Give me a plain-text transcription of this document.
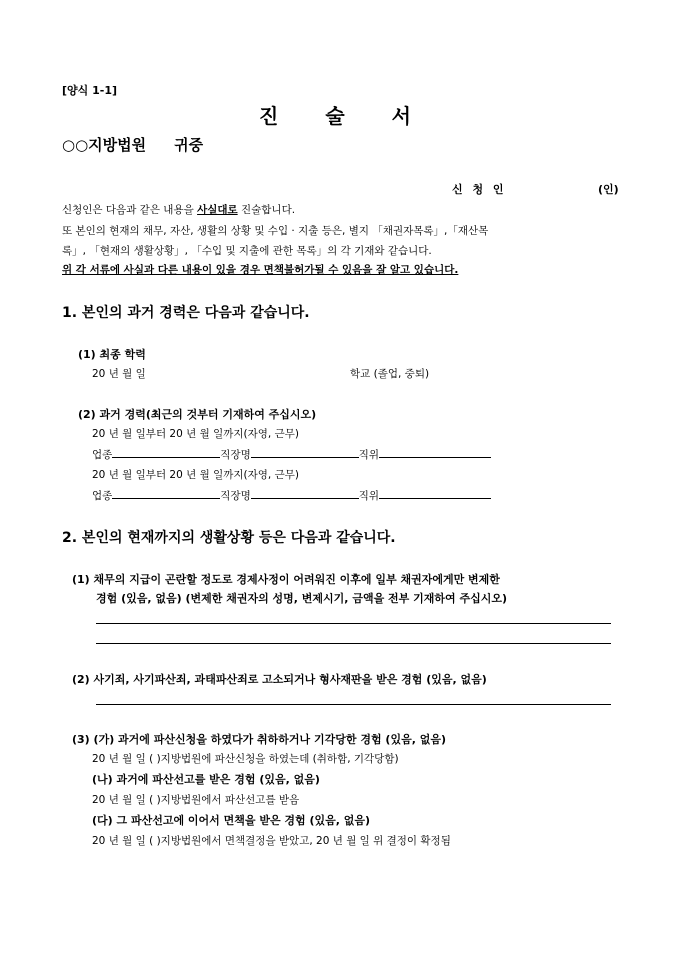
[양식 1-1]
진 술 서
○○지방법원 귀중
신 청 인	(인)
신청인은 다음과 같은 내용을 사실대로 진술합니다.
또 본인의 현재의 채무, 자산, 생활의 상황 및 수입 · 지출 등은, 별지 「채권자목록」,「재산목
록」, 「현재의 생활상황」, 「수입 및 지출에 관한 목록」의 각 기재와 같습니다.
위 각 서류에 사실과 다른 내용이 있을 경우 면책불허가될 수 있음을 잘 알고 있습니다.
1. 본인의 과거 경력은 다음과 같습니다.
(1) 최종 학력
20 년 월 일	학교 (졸업, 중퇴)
(2) 과거 경력(최근의 것부터 기재하여 주십시오)
20 년 월 일부터 20 년 월 일까지(자영, 근무)
업종	직장명	직위
20 년 월 일부터 20 년 월 일까지(자영, 근무)
업종	직장명	직위
2. 본인의 현재까지의 생활상황 등은 다음과 같습니다.
(1) 채무의 지급이 곤란할 정도로 경제사정이 어려워진 이후에 일부 채권자에게만 변제한
경험 (있음, 없음) (변제한 채권자의 성명, 변제시기, 금액을 전부 기재하여 주십시오)
(2) 사기죄, 사기파산죄, 과태파산죄로 고소되거나 형사재판을 받은 경험 (있음, 없음)
(3) (가) 과거에 파산신청을 하였다가 취하하거나 기각당한 경험 (있음, 없음)
20 년 월 일 ( )지방법원에 파산신청을 하였는데 (취하함, 기각당함)
(나) 과거에 파산선고를 받은 경험 (있음, 없음)
20 년 월 일 ( )지방법원에서 파산선고를 받음
(다) 그 파산선고에 이어서 면책을 받은 경험 (있음, 없음)
20 년 월 일 ( )지방법원에서 면책결정을 받았고, 20 년 월 일 위 결정이 확정됨
